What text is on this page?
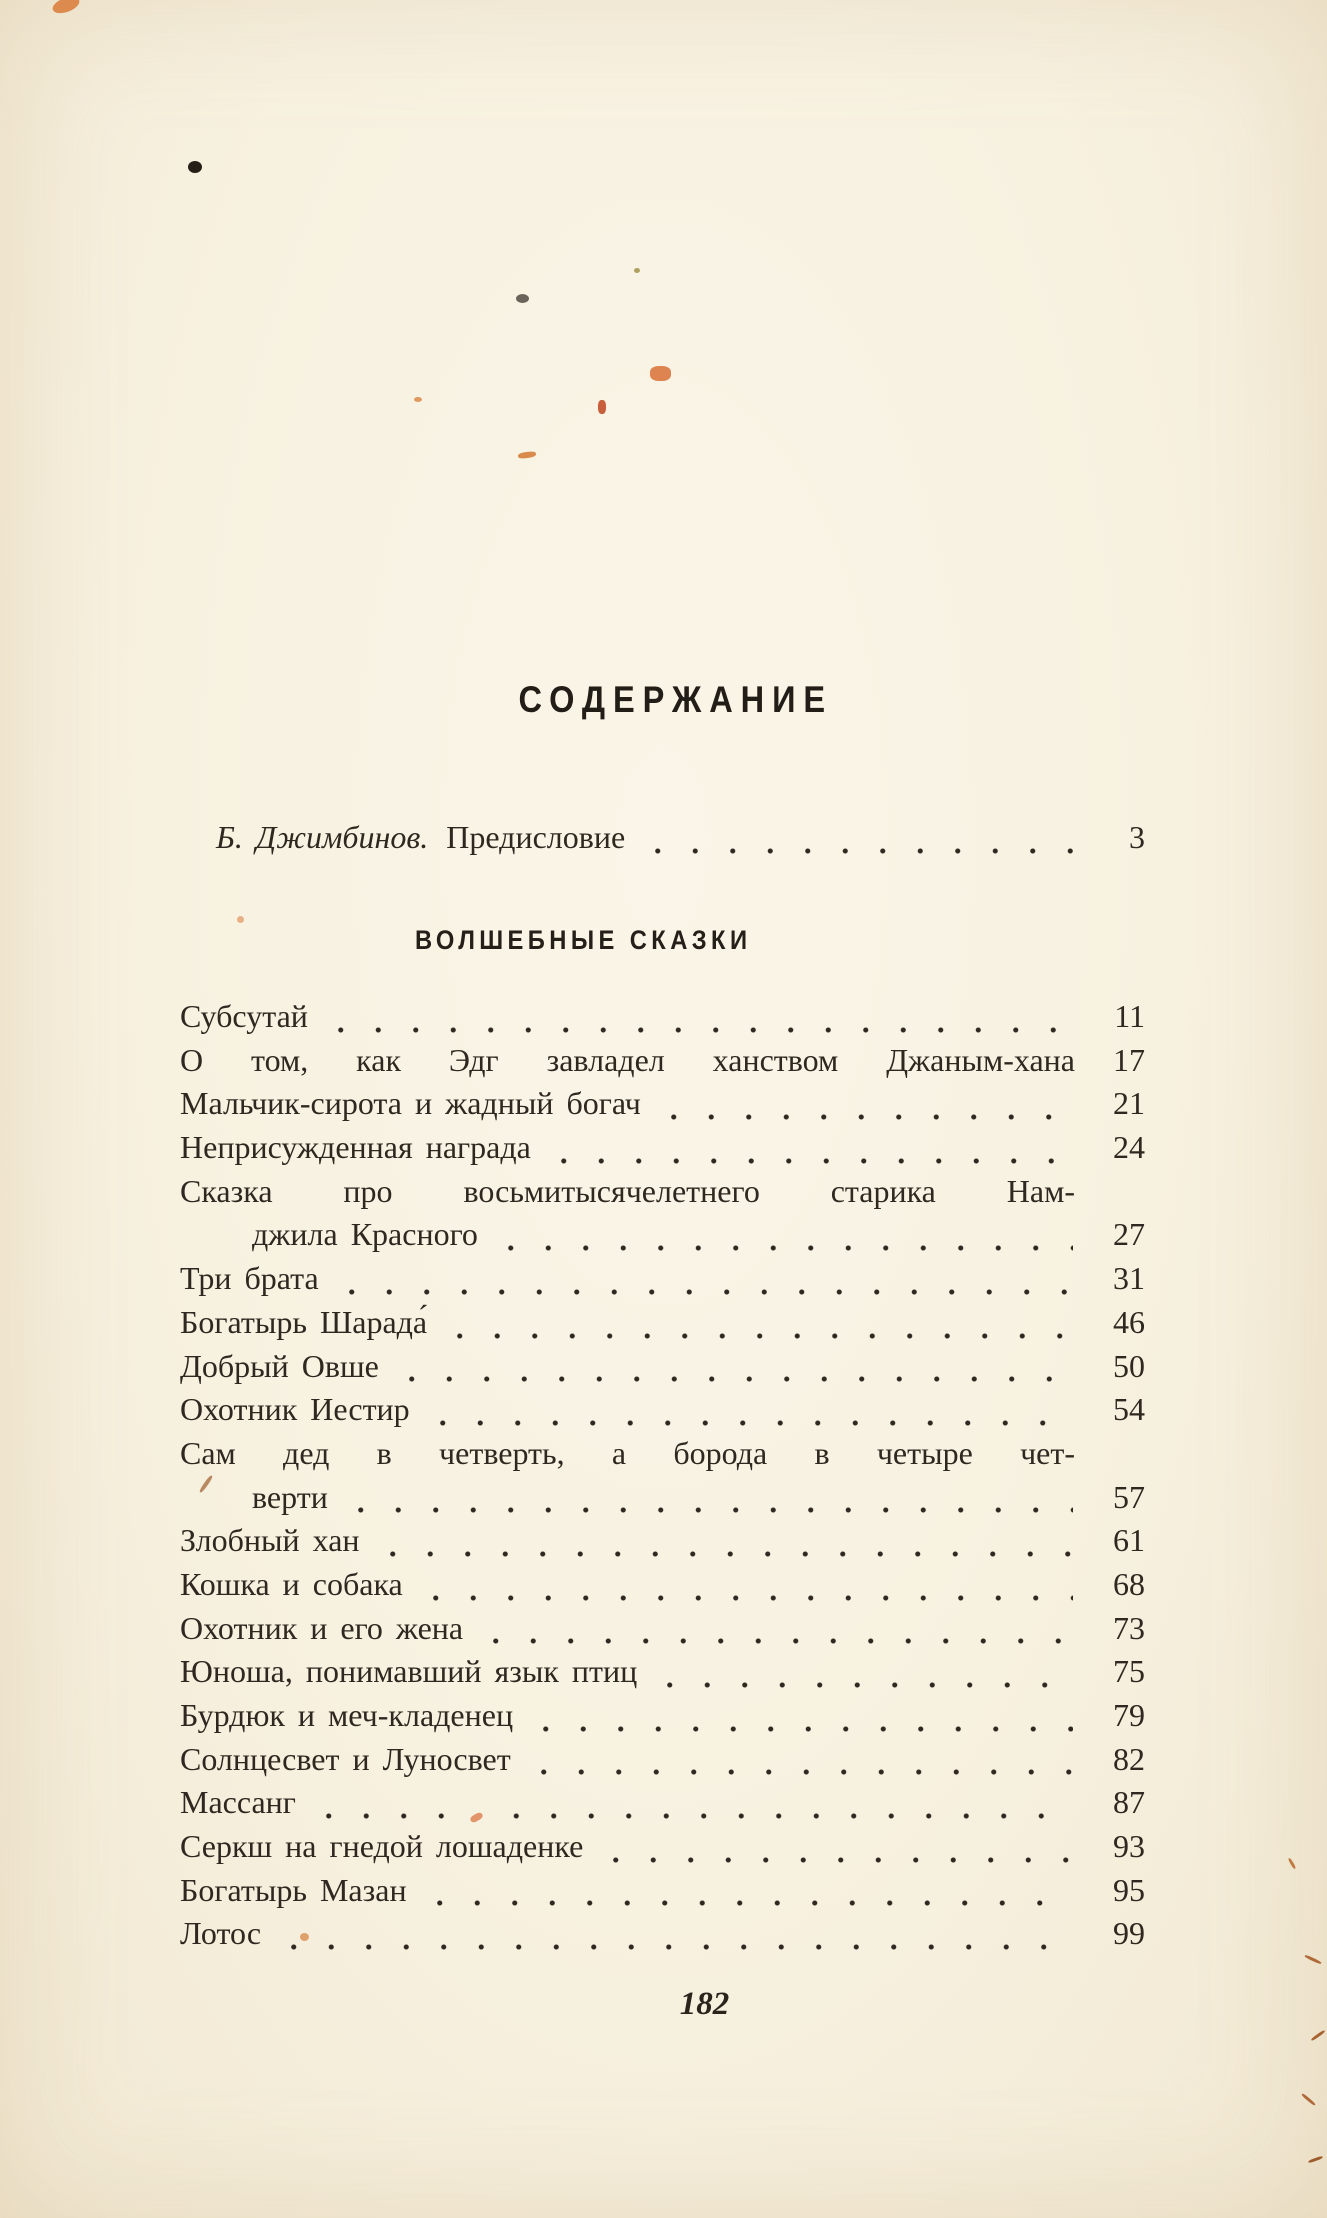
СОДЕРЖАНИЕ
Б. Джимбинов. Предисловие	3
ВОЛШЕБНЫЕ СКАЗКИ
Субсутай	11
О том, как Эдг завладел ханством Джаным-хана	17
Мальчик-сирота и жадный богач	21
Неприсужденная награда	24
Сказка про восьмитысячелетнего старика Нам-
джила Красного	27
Три брата	31
Богатырь Шарада́	46
Добрый Овше	50
Охотник Иестир	54
Сам дед в четверть, а борода в четыре чет-
верти	57
Злобный хан	61
Кошка и собака	68
Охотник и его жена	73
Юноша, понимавший язык птиц	75
Бурдюк и меч-кладенец	79
Солнцесвет и Луносвет	82
Массанг	87
Серкш на гнедой лошаденке	93
Богатырь Мазан	95
Лотос	99
182
